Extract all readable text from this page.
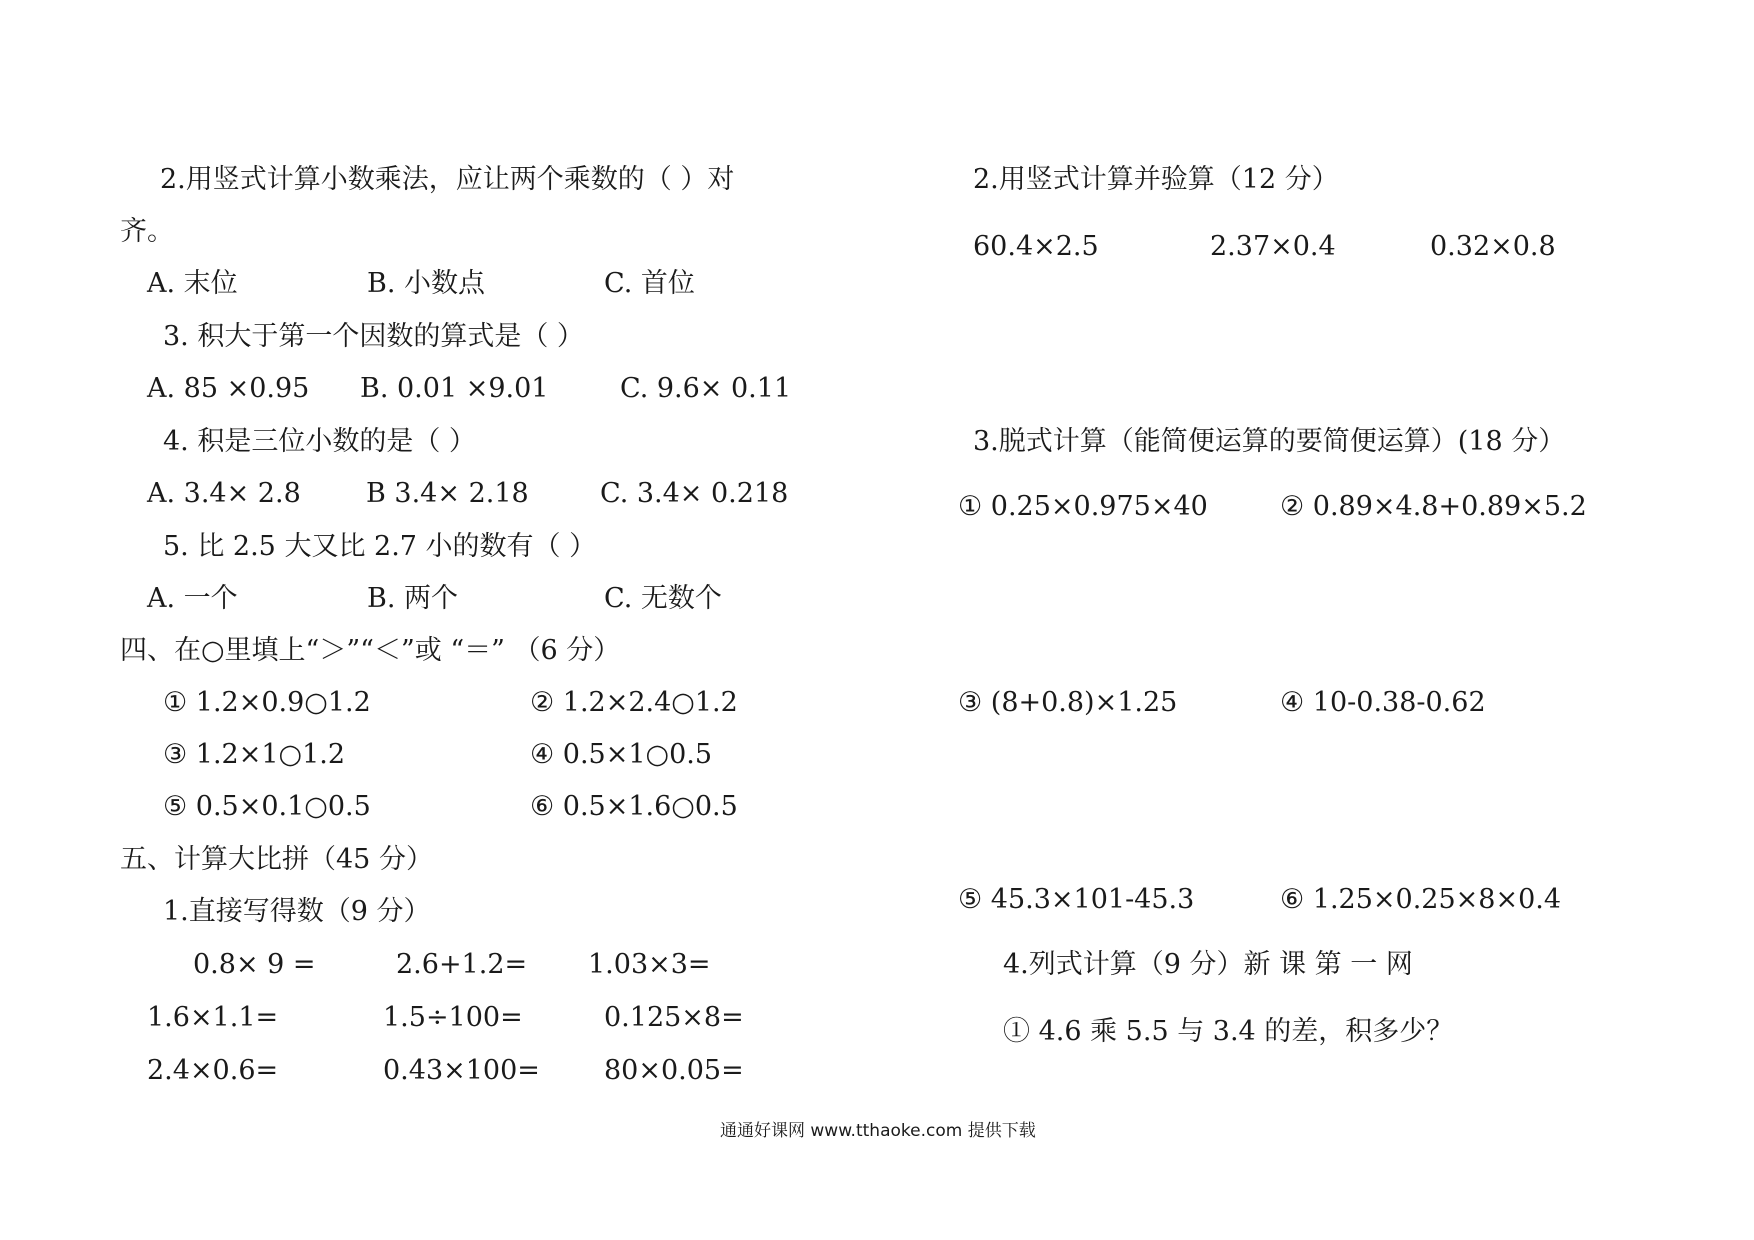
2.用竖式计算小数乘法，应让两个乘数的（ ）对
齐。
A. 末位	B. 小数点	C. 首位
3. 积大于第一个因数的算式是（ ）
A. 85 ×0.95 B. 0.01 ×9.01	C. 9.6× 0.11
4. 积是三位小数的是（ ）
A. 3.4× 2.8 B 3.4× 2.18	C. 3.4× 0.218
5. 比 2.5 大又比 2.7 小的数有（ ）
A. 一个	B. 两个	C. 无数个
四、在○里填上“＞”“＜”或 “＝” （6 分）
① 1.2×0.9○1.2	② 1.2×2.4○1.2
③ 1.2×1○1.2	④ 0.5×1○0.5
⑤ 0.5×0.1○0.5	⑥ 0.5×1.6○0.5
五、计算大比拼（45 分）
1.直接写得数（9 分）
0.8× 9 =	2.6+1.2= 1.03×3=
1.6×1.1=	1.5÷100=	0.125×8=
2.4×0.6=	0.43×100= 80×0.05=
2.用竖式计算并验算（12 分）
60.4×2.5	2.37×0.4	0.32×0.8
3.脱式计算（能简便运算的要简便运算）(18 分）
① 0.25×0.975×40	② 0.89×4.8+0.89×5.2
③ (8+0.8)×1.25	④ 10-0.38-0.62
⑤ 45.3×101-45.3	⑥ 1.25×0.25×8×0.4
4.列式计算（9 分）新 课 第 一 网
① 4.6 乘 5.5 与 3.4 的差，积多少？
通通好课网 www.tthaoke.com 提供下载
